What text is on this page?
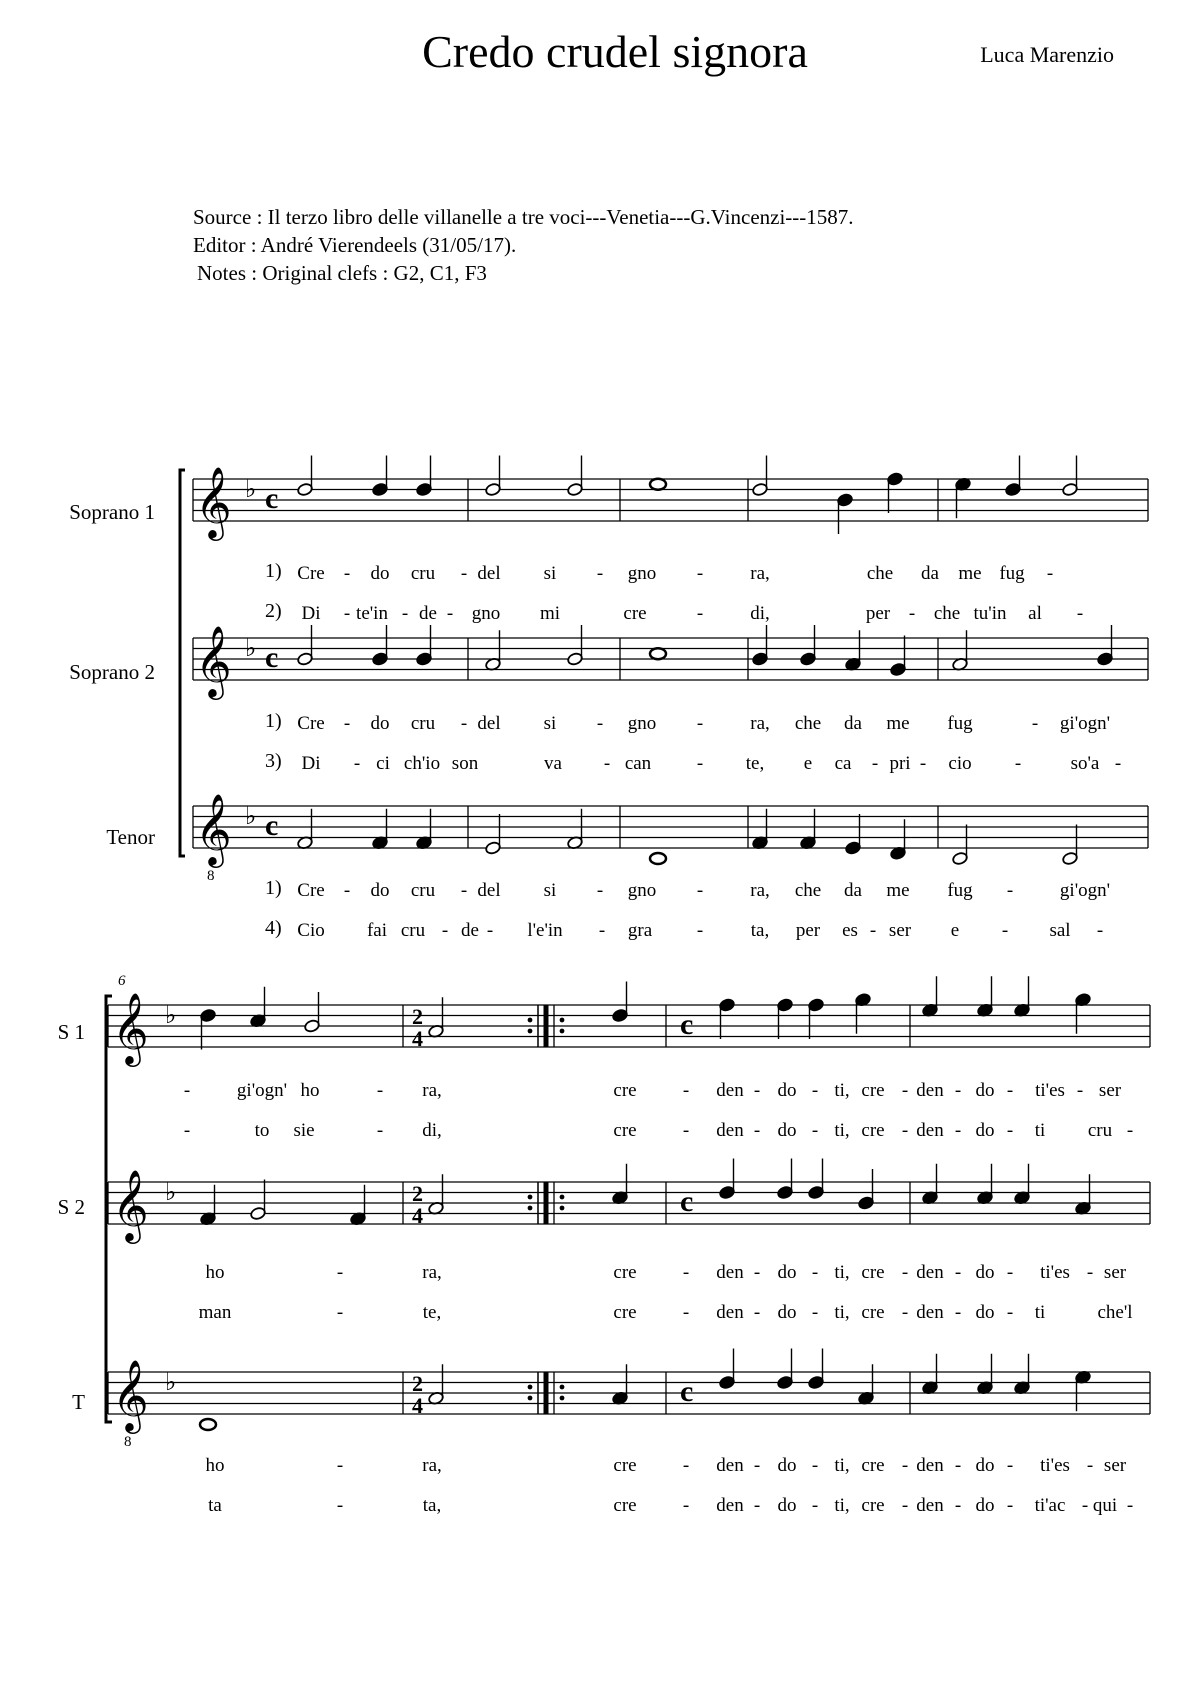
Credo crudel signora	Luca Marenzio
Source : Il terzo libro delle villanelle a tre voci---Venetia---G.Vincenzi---1587.
Editor : André Vierendeels (31/05/17).
Notes : Original clefs : G2, C1, F3
𝄞 ♭ c
𝄞 ♭ c
𝄞
8
♭ c
𝄞 ♭	2
4	c
𝄞 ♭	2
4	c
𝄞
8
♭	2
4	c
Soprano 1
Soprano 2
Tenor
S 1
S 2
T
6
1)
2)
Cre - do cru - del si - gno - ra,	che da me fug -
Di - te'in - de - gno mi	cre	- di,	per - che tu'in al -
1)
3)
Cre - do cru - del si - gno - ra, che da me fug	- gi'ogn'
Di - ci ch'io son	va - can - te, e ca - pri - cio -	so'a -
1)
4)
Cre - do cru - del si - gno - ra, che da me fug - gi'ogn'
Cio fai cru - de - l'e'in - gra -	ta, per es - ser e - sal -
- gi'ogn' ho	- ra,	cre - den - do - ti, cre - den - do - ti'es - ser
-	to sie	- di,	cre - den - do - ti, cre - den - do - ti cru -
ho	-	ra,	cre - den - do - ti, cre - den - do - ti'es - ser
man	-	te,	cre - den - do - ti, cre - den - do - ti	che'l
ho	-	ra,	cre - den - do - ti, cre - den - do - ti'es - ser
ta	-	ta,	cre - den - do - ti, cre - den - do - ti'ac - qui -
